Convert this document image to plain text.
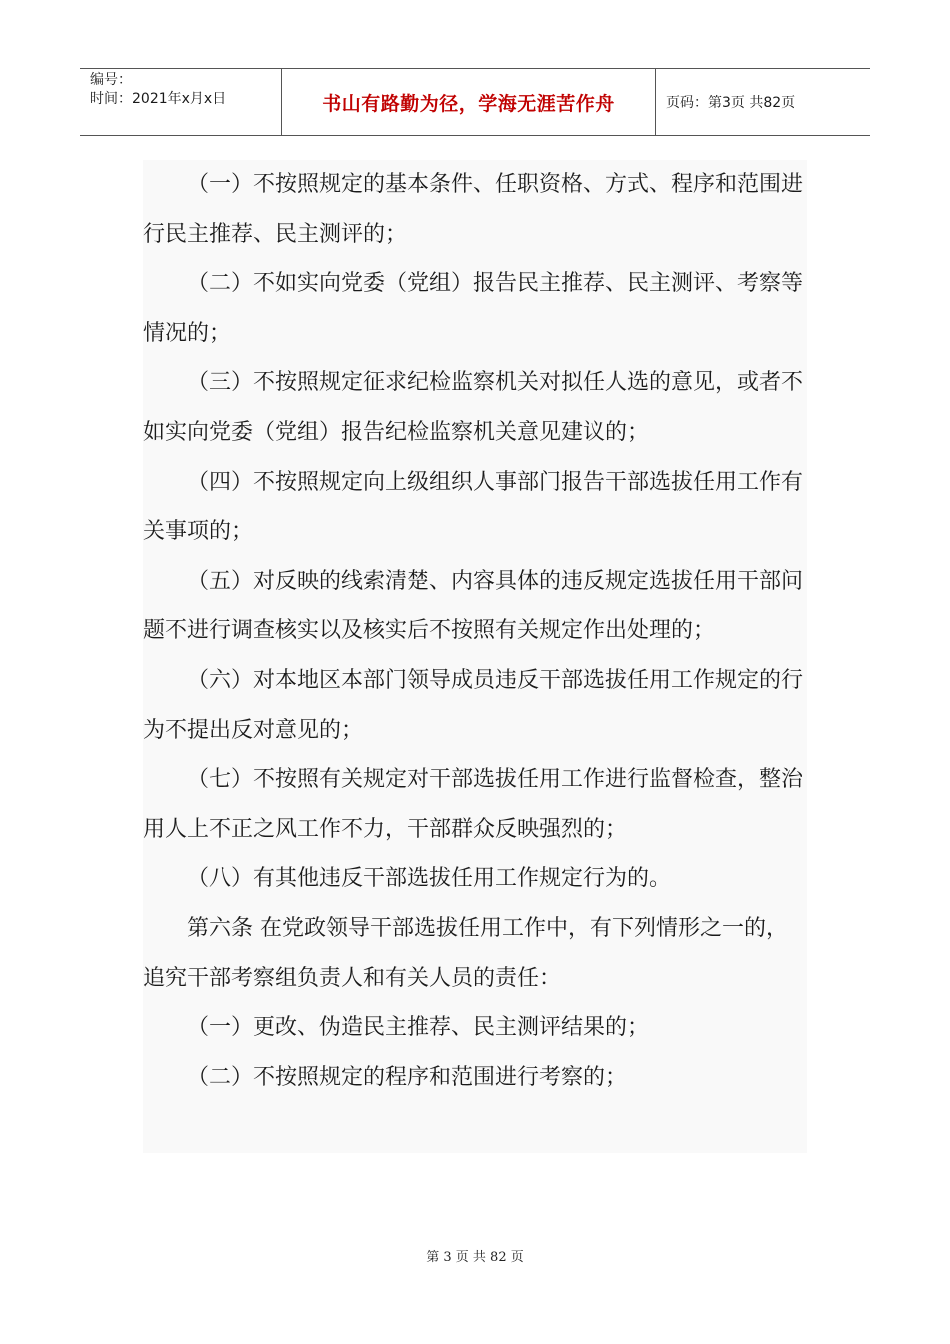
编号：
时间：2021年x月x日	书山有路勤为径，学海无涯苦作舟	页码：第3页 共82页

（一）不按照规定的基本条件、任职资格、方式、程序和范围进行民主推荐、民主测评的；

（二）不如实向党委（党组）报告民主推荐、民主测评、考察等情况的；

（三）不按照规定征求纪检监察机关对拟任人选的意见，或者不如实向党委（党组）报告纪检监察机关意见建议的；

（四）不按照规定向上级组织人事部门报告干部选拔任用工作有关事项的；

（五）对反映的线索清楚、内容具体的违反规定选拔任用干部问题不进行调查核实以及核实后不按照有关规定作出处理的；

（六）对本地区本部门领导成员违反干部选拔任用工作规定的行为不提出反对意见的；

（七）不按照有关规定对干部选拔任用工作进行监督检查，整治用人上不正之风工作不力，干部群众反映强烈的；

（八）有其他违反干部选拔任用工作规定行为的。

第六条 在党政领导干部选拔任用工作中，有下列情形之一的，追究干部考察组负责人和有关人员的责任：

（一）更改、伪造民主推荐、民主测评结果的；

（二）不按照规定的程序和范围进行考察的；

第 3 页 共 82 页
